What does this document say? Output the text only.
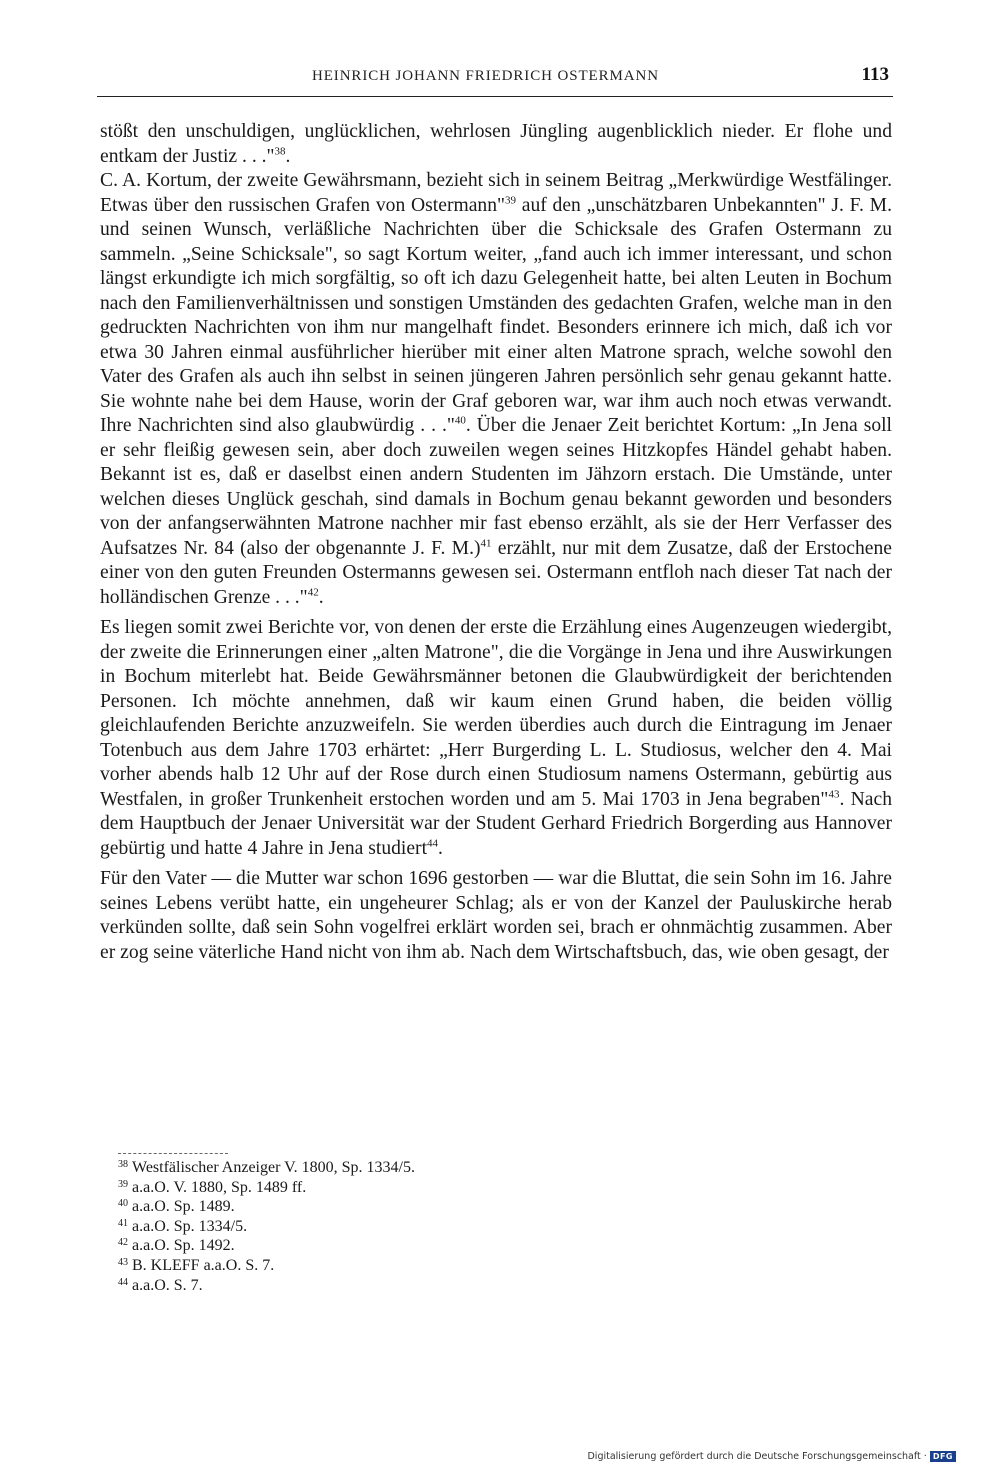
HEINRICH JOHANN FRIEDRICH OSTERMANN	113

stößt den unschuldigen, unglücklichen, wehrlosen Jüngling augenblicklich nieder. Er flohe und entkam der Justiz . . ."$^{38}$.

C. A. Kortum, der zweite Gewährsmann, bezieht sich in seinem Beitrag „Merkwürdige Westfälinger. Etwas über den russischen Grafen von Ostermann"$^{39}$ auf den „unschätzbaren Unbekannten" J. F. M. und seinen Wunsch, verläßliche Nachrichten über die Schicksale des Grafen Ostermann zu sammeln. „Seine Schicksale", so sagt Kortum weiter, „fand auch ich immer interessant, und schon längst erkundigte ich mich sorgfältig, so oft ich dazu Gelegenheit hatte, bei alten Leuten in Bochum nach den Familienverhältnissen und sonstigen Umständen des gedachten Grafen, welche man in den gedruckten Nachrichten von ihm nur mangelhaft findet. Besonders erinnere ich mich, daß ich vor etwa 30 Jahren einmal ausführlicher hierüber mit einer alten Matrone sprach, welche sowohl den Vater des Grafen als auch ihn selbst in seinen jüngeren Jahren persönlich sehr genau gekannt hatte. Sie wohnte nahe bei dem Hause, worin der Graf geboren war, war ihm auch noch etwas verwandt. Ihre Nachrichten sind also glaubwürdig . . ."$^{40}$. Über die Jenaer Zeit berichtet Kortum: „In Jena soll er sehr fleißig gewesen sein, aber doch zuweilen wegen seines Hitzkopfes Händel gehabt haben. Bekannt ist es, daß er daselbst einen andern Studenten im Jähzorn erstach. Die Umstände, unter welchen dieses Unglück geschah, sind damals in Bochum genau bekannt geworden und besonders von der anfangserwähnten Matrone nachher mir fast ebenso erzählt, als sie der Herr Verfasser des Aufsatzes Nr. 84 (also der obgenannte J. F. M.)$^{41}$ erzählt, nur mit dem Zusatze, daß der Erstochene einer von den guten Freunden Ostermanns gewesen sei. Ostermann entfloh nach dieser Tat nach der holländischen Grenze . . ."$^{42}$.

Es liegen somit zwei Berichte vor, von denen der erste die Erzählung eines Augenzeugen wiedergibt, der zweite die Erinnerungen einer „alten Matrone", die die Vorgänge in Jena und ihre Auswirkungen in Bochum miterlebt hat. Beide Gewährsmänner betonen die Glaubwürdigkeit der berichtenden Personen. Ich möchte annehmen, daß wir kaum einen Grund haben, die beiden völlig gleichlaufenden Berichte anzuzweifeln. Sie werden überdies auch durch die Eintragung im Jenaer Totenbuch aus dem Jahre 1703 erhärtet: „Herr Burgerding L. L. Studiosus, welcher den 4. Mai vorher abends halb 12 Uhr auf der Rose durch einen Studiosum namens Ostermann, gebürtig aus Westfalen, in großer Trunkenheit erstochen worden und am 5. Mai 1703 in Jena begraben"$^{43}$. Nach dem Hauptbuch der Jenaer Universität war der Student Gerhard Friedrich Borgerding aus Hannover gebürtig und hatte 4 Jahre in Jena studiert$^{44}$.

Für den Vater — die Mutter war schon 1696 gestorben — war die Bluttat, die sein Sohn im 16. Jahre seines Lebens verübt hatte, ein ungeheurer Schlag; als er von der Kanzel der Pauluskirche herab verkünden sollte, daß sein Sohn vogelfrei erklärt worden sei, brach er ohnmächtig zusammen. Aber er zog seine väterliche Hand nicht von ihm ab. Nach dem Wirtschaftsbuch, das, wie oben gesagt, der

38 Westfälischer Anzeiger V. 1800, Sp. 1334/5.
39 a.a.O. V. 1880, Sp. 1489 ff.
40 a.a.O. Sp. 1489.
41 a.a.O. Sp. 1334/5.
42 a.a.O. Sp. 1492.
43 B. KLEFF a.a.O. S. 7.
44 a.a.O. S. 7.
Digitalisierung gefördert durch die Deutsche Forschungsgemeinschaft · DFG
